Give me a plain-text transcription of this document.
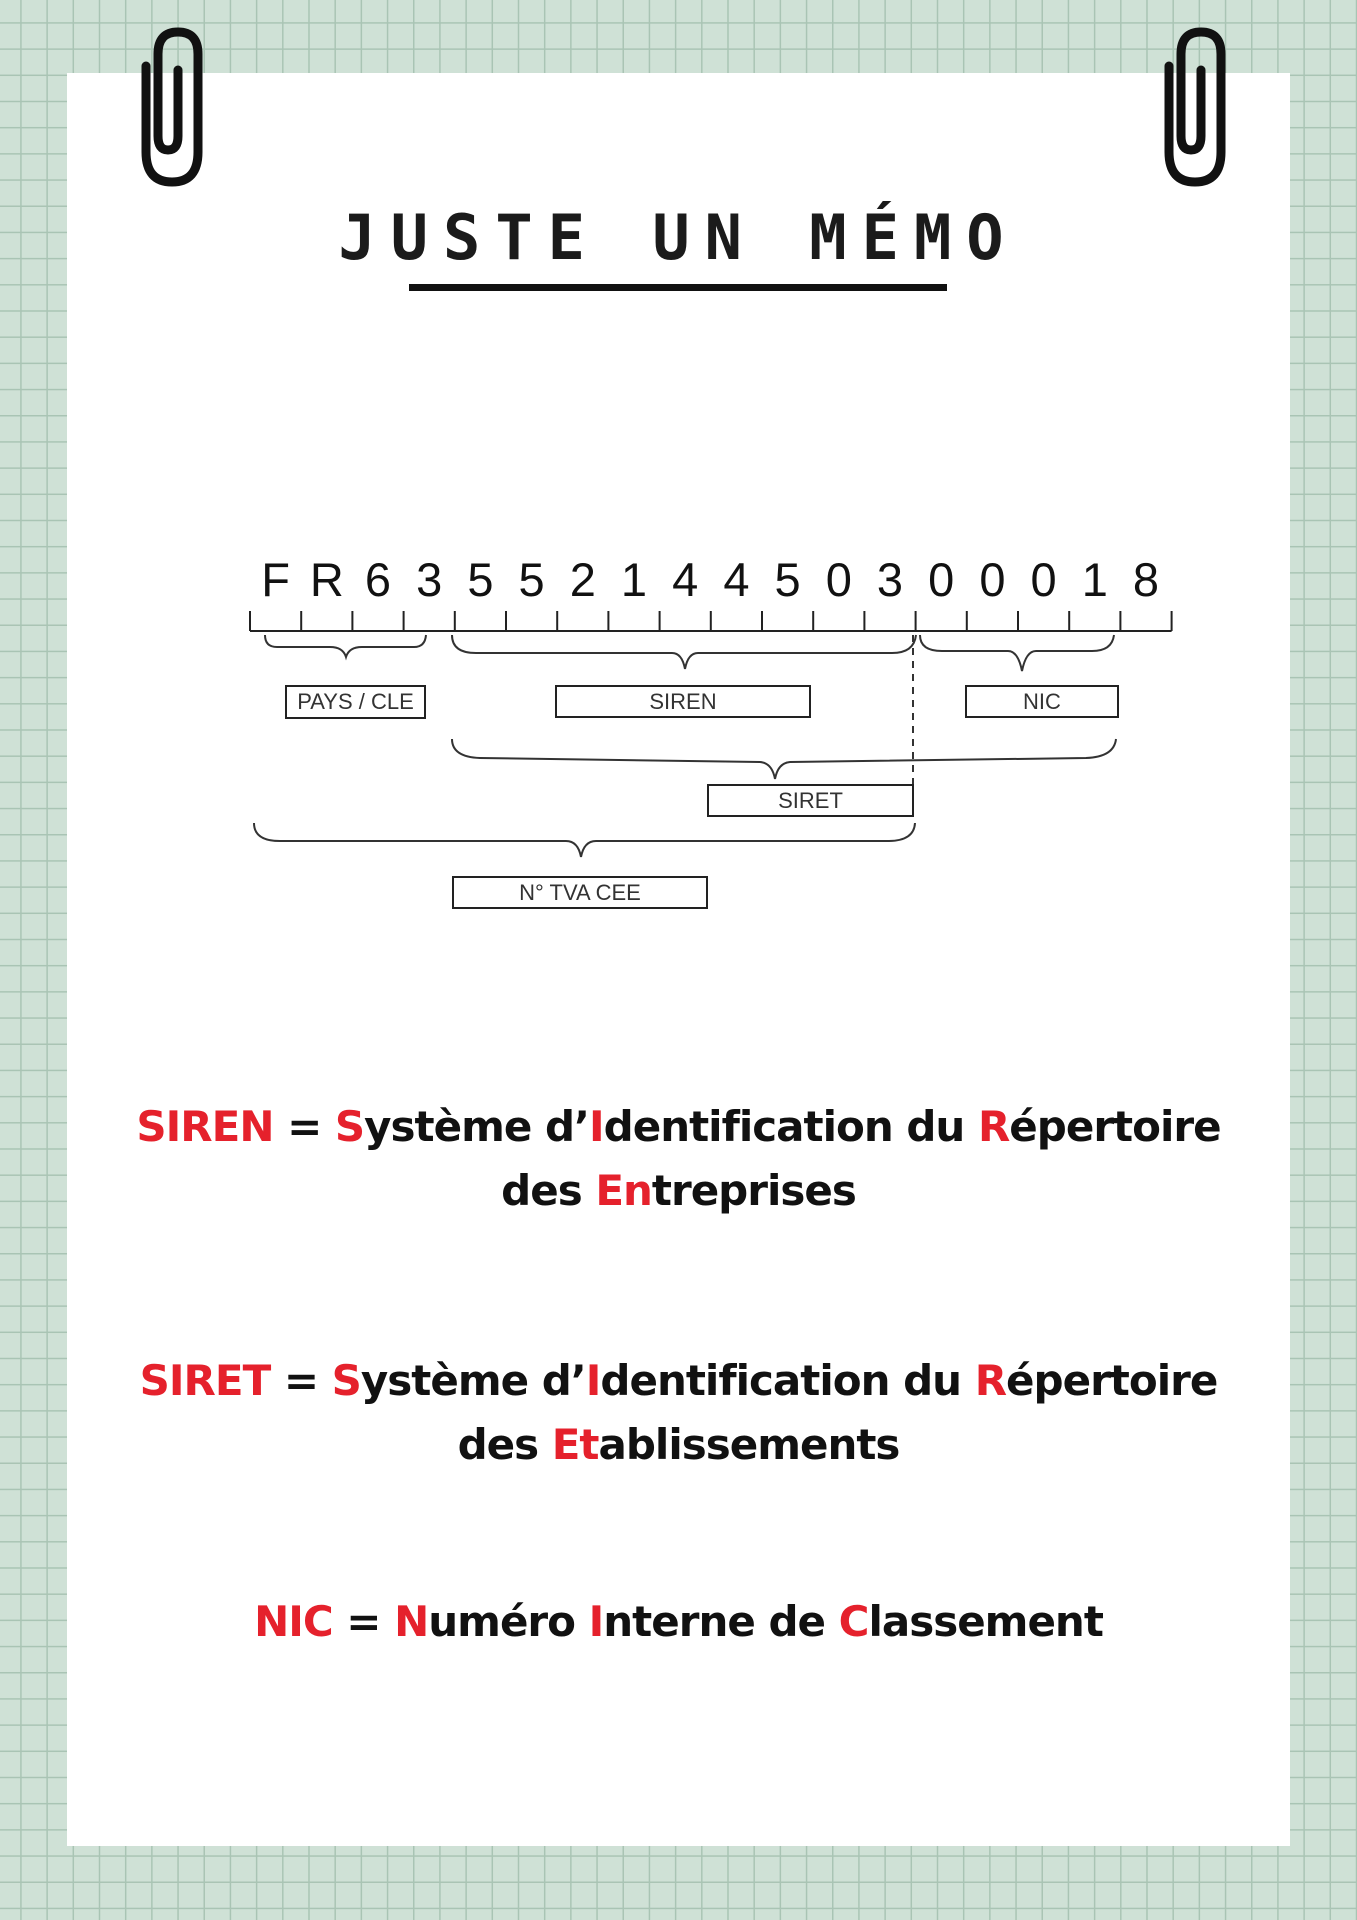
JUSTE UN MÉMO
F R 6 3 5 5 2 1 4 4 5 0 3 0 0 0 1 8
PAYS / CLE	SIREN	NIC
SIRET
N° TVA CEE

SIREN = Système d’Identification du Répertoire

des Entreprises

SIRET = Système d’Identification du Répertoire

des Etablissements

NIC = Numéro Interne de Classement
